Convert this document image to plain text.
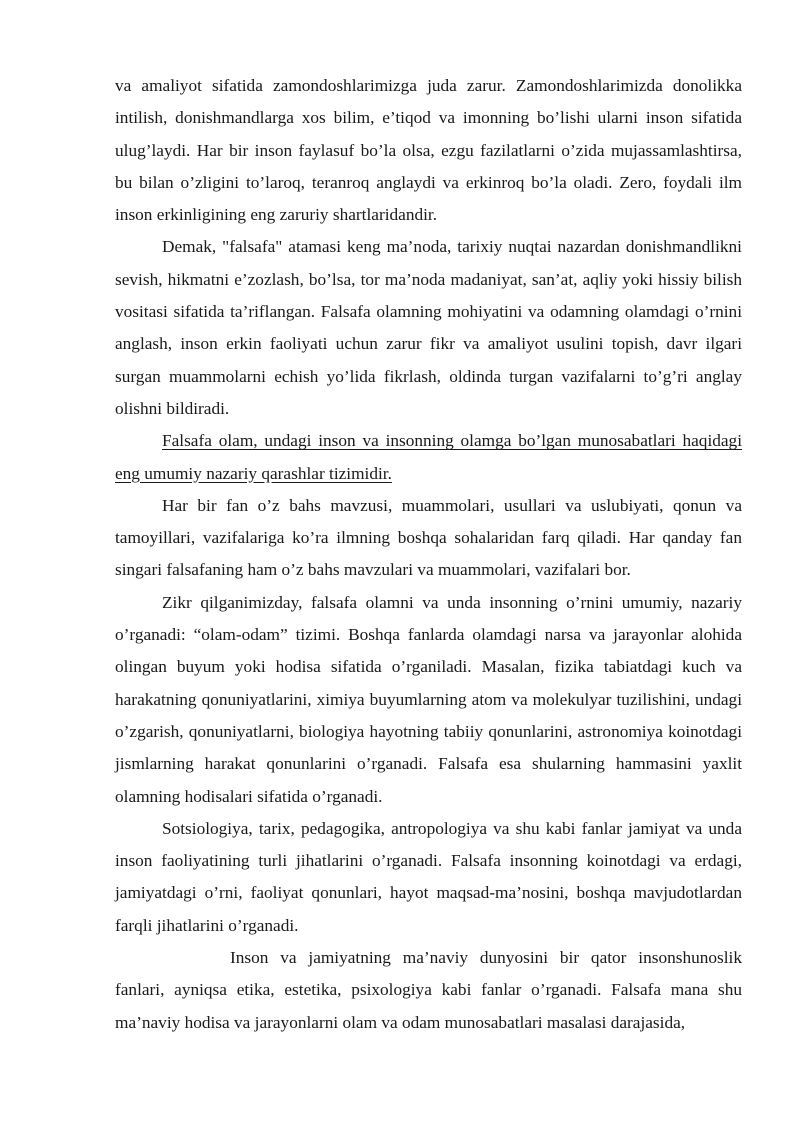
va amaliyot sifatida zamondoshlarimizga juda zarur. Zamondoshlarimizda donolikka intilish, donishmandlarga xos bilim, e’tiqod va imonning bo’lishi ularni inson sifatida ulug’laydi. Har bir inson faylasuf bo’la olsa, ezgu fazilatlarni o’zida mujassamlashtirsa, bu bilan o’zligini to’laroq, teranroq anglaydi va erkinroq bo’la oladi. Zero, foydali ilm inson erkinligining eng zaruriy shartlaridandir.

Demak, "falsafa" atamasi keng ma’noda, tarixiy nuqtai nazardan donishmandlikni sevish, hikmatni e’zozlash, bo’lsa, tor ma’noda madaniyat, san’at, aqliy yoki hissiy bilish vositasi sifatida ta’riflangan. Falsafa olamning mohiyatini va odamning olamdagi o’rnini anglash, inson erkin faoliyati uchun zarur fikr va amaliyot usulini topish, davr ilgari surgan muammolarni echish yo’lida fikrlash, oldinda turgan vazifalarni to’g’ri anglay olishni bildiradi.

Falsafa olam, undagi inson va insonning olamga bo’lgan munosabatlari haqidagi eng umumiy nazariy qarashlar tizimidir.

Har bir fan o’z bahs mavzusi, muammolari, usullari va uslubiyati, qonun va tamoyillari, vazifalariga ko’ra ilmning boshqa sohalaridan farq qiladi. Har qanday fan singari falsafaning ham o’z bahs mavzulari va muammolari, vazifalari bor.

Zikr qilganimizday, falsafa olamni va unda insonning o’rnini umumiy, nazariy o’rganadi: “olam-odam” tizimi. Boshqa fanlarda olamdagi narsa va jarayonlar alohida olingan buyum yoki hodisa sifatida o’rganiladi. Masalan, fizika tabiatdagi kuch va harakatning qonuniyatlarini, ximiya buyumlarning atom va molekulyar tuzilishini, undagi o’zgarish, qonuniyatlarni, biologiya hayotning tabiiy qonunlarini, astronomiya koinotdagi jismlarning harakat qonunlarini o’rganadi. Falsafa esa shularning hammasini yaxlit olamning hodisalari sifatida o’rganadi.

Sotsiologiya, tarix, pedagogika, antropologiya va shu kabi fanlar jamiyat va unda inson faoliyatining turli jihatlarini o’rganadi. Falsafa insonning koinotdagi va erdagi, jamiyatdagi o’rni, faoliyat qonunlari, hayot maqsad-ma’nosini, boshqa mavjudotlardan farqli jihatlarini o’rganadi.

Inson va jamiyatning ma’naviy dunyosini bir qator insonshunoslik fanlari, ayniqsa etika, estetika, psixologiya kabi fanlar o’rganadi. Falsafa mana shu ma’naviy hodisa va jarayonlarni olam va odam munosabatlari masalasi darajasida,
